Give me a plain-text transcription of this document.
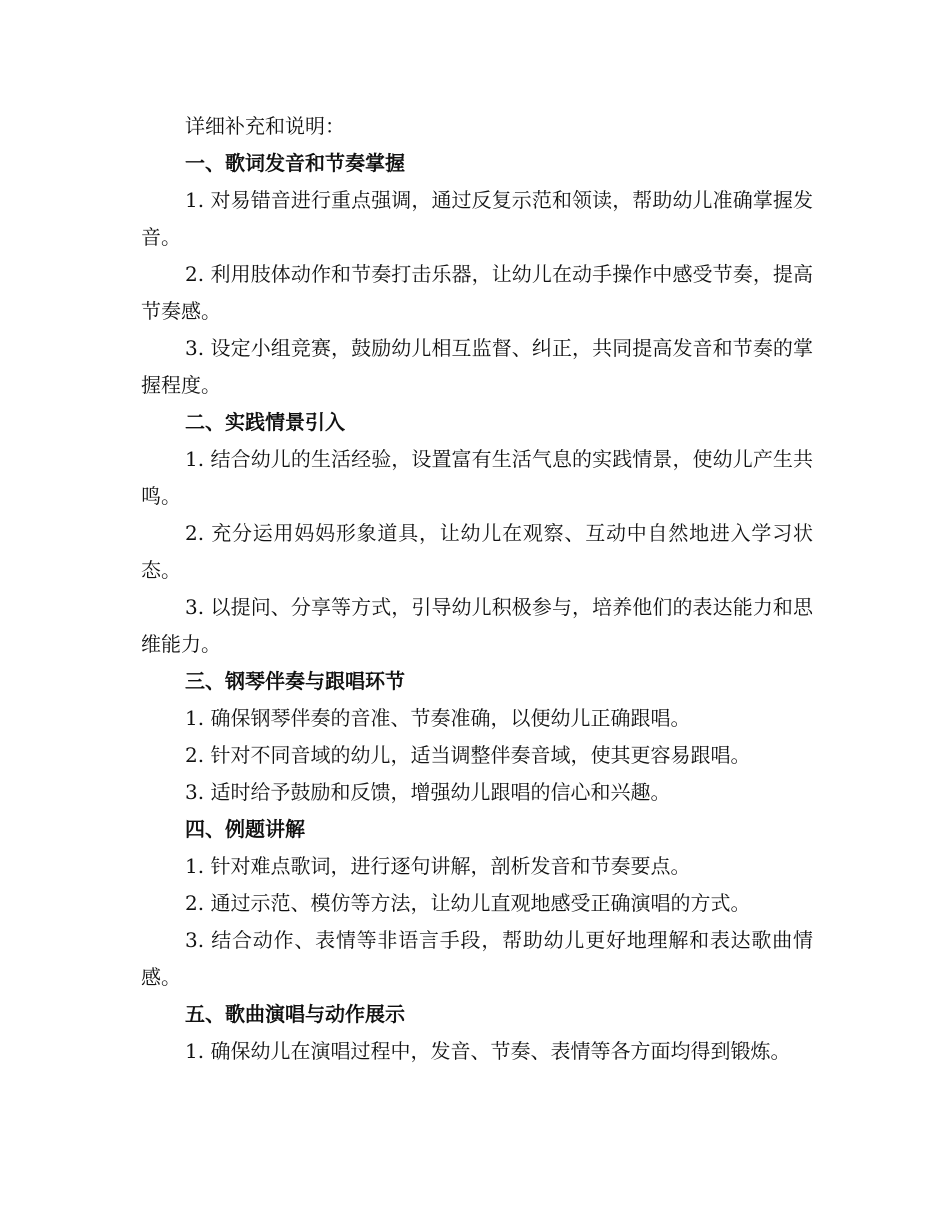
详细补充和说明：

一、歌词发音和节奏掌握

1. 对易错音进行重点强调，通过反复示范和领读，帮助幼儿准确掌握发音。

2. 利用肢体动作和节奏打击乐器，让幼儿在动手操作中感受节奏，提高节奏感。

3. 设定小组竞赛，鼓励幼儿相互监督、纠正，共同提高发音和节奏的掌握程度。

二、实践情景引入

1. 结合幼儿的生活经验，设置富有生活气息的实践情景，使幼儿产生共鸣。

2. 充分运用妈妈形象道具，让幼儿在观察、互动中自然地进入学习状态。

3. 以提问、分享等方式，引导幼儿积极参与，培养他们的表达能力和思维能力。

三、钢琴伴奏与跟唱环节

1. 确保钢琴伴奏的音准、节奏准确，以便幼儿正确跟唱。

2. 针对不同音域的幼儿，适当调整伴奏音域，使其更容易跟唱。

3. 适时给予鼓励和反馈，增强幼儿跟唱的信心和兴趣。

四、例题讲解

1. 针对难点歌词，进行逐句讲解，剖析发音和节奏要点。

2. 通过示范、模仿等方法，让幼儿直观地感受正确演唱的方式。

3. 结合动作、表情等非语言手段，帮助幼儿更好地理解和表达歌曲情感。

五、歌曲演唱与动作展示

1. 确保幼儿在演唱过程中，发音、节奏、表情等各方面均得到锻炼。
